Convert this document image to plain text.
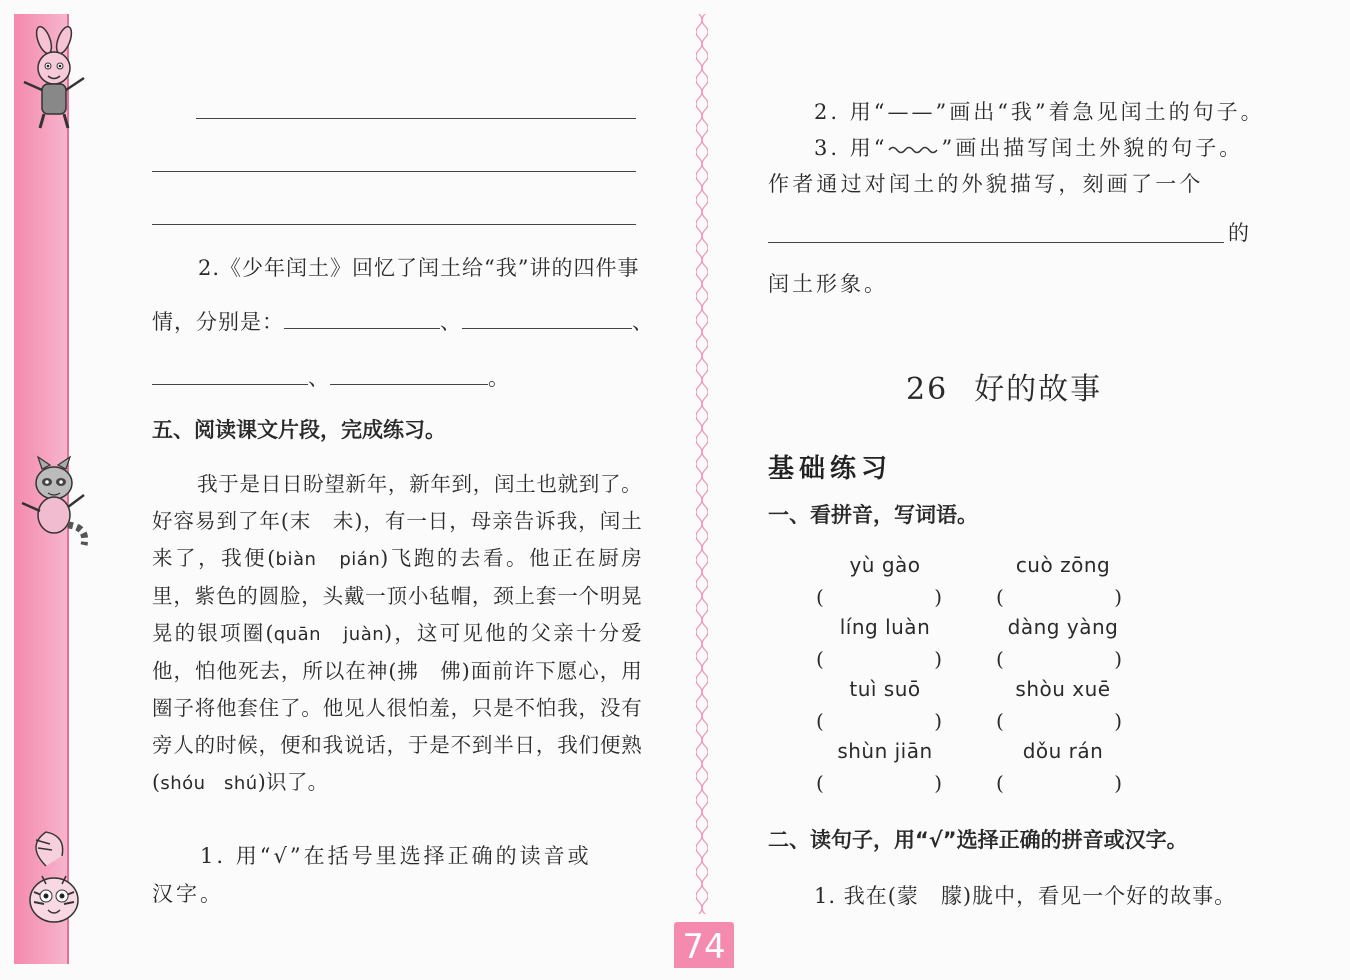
2.《少年闰土》回忆了闰土给“我”讲的四件事
情，分别是：	、	、
、	。
五、阅读课文片段，完成练习。

我于是日日盼望新年，新年到，闰土也就到了。好容易到了年(末　未)，有一日，母亲告诉我，闰土来了，我便(biàn　pián)飞跑的去看。他正在厨房里，紫色的圆脸，头戴一顶小毡帽，颈上套一个明晃晃的银项圈(quān　juàn)，这可见他的父亲十分爱他，怕他死去，所以在神(拂　佛)面前许下愿心，用圈子将他套住了。他见人很怕羞，只是不怕我，没有旁人的时候，便和我说话，于是不到半日，我们便熟(shóu　shú)识了。

1. 用“√”在括号里选择正确的读音或
汉字。
2. 用“——”画出“我”着急见闰土的句子。
3. 用“	”画出描写闰土外貌的句子。
作者通过对闰土的外貌描写，刻画了一个
的
闰土形象。
26 好的故事
基础练习
一、看拼音，写词语。
yù gào	cuò zōng
(	)	(	)
líng luàn	dàng yàng
(	)	(	)
tuì suō	shòu xuē
(	)	(	)
shùn jiān	dǒu rán
(	)	(	)
二、读句子，用“√”选择正确的拼音或汉字。
1. 我在(蒙　朦)胧中，看见一个好的故事。
74
